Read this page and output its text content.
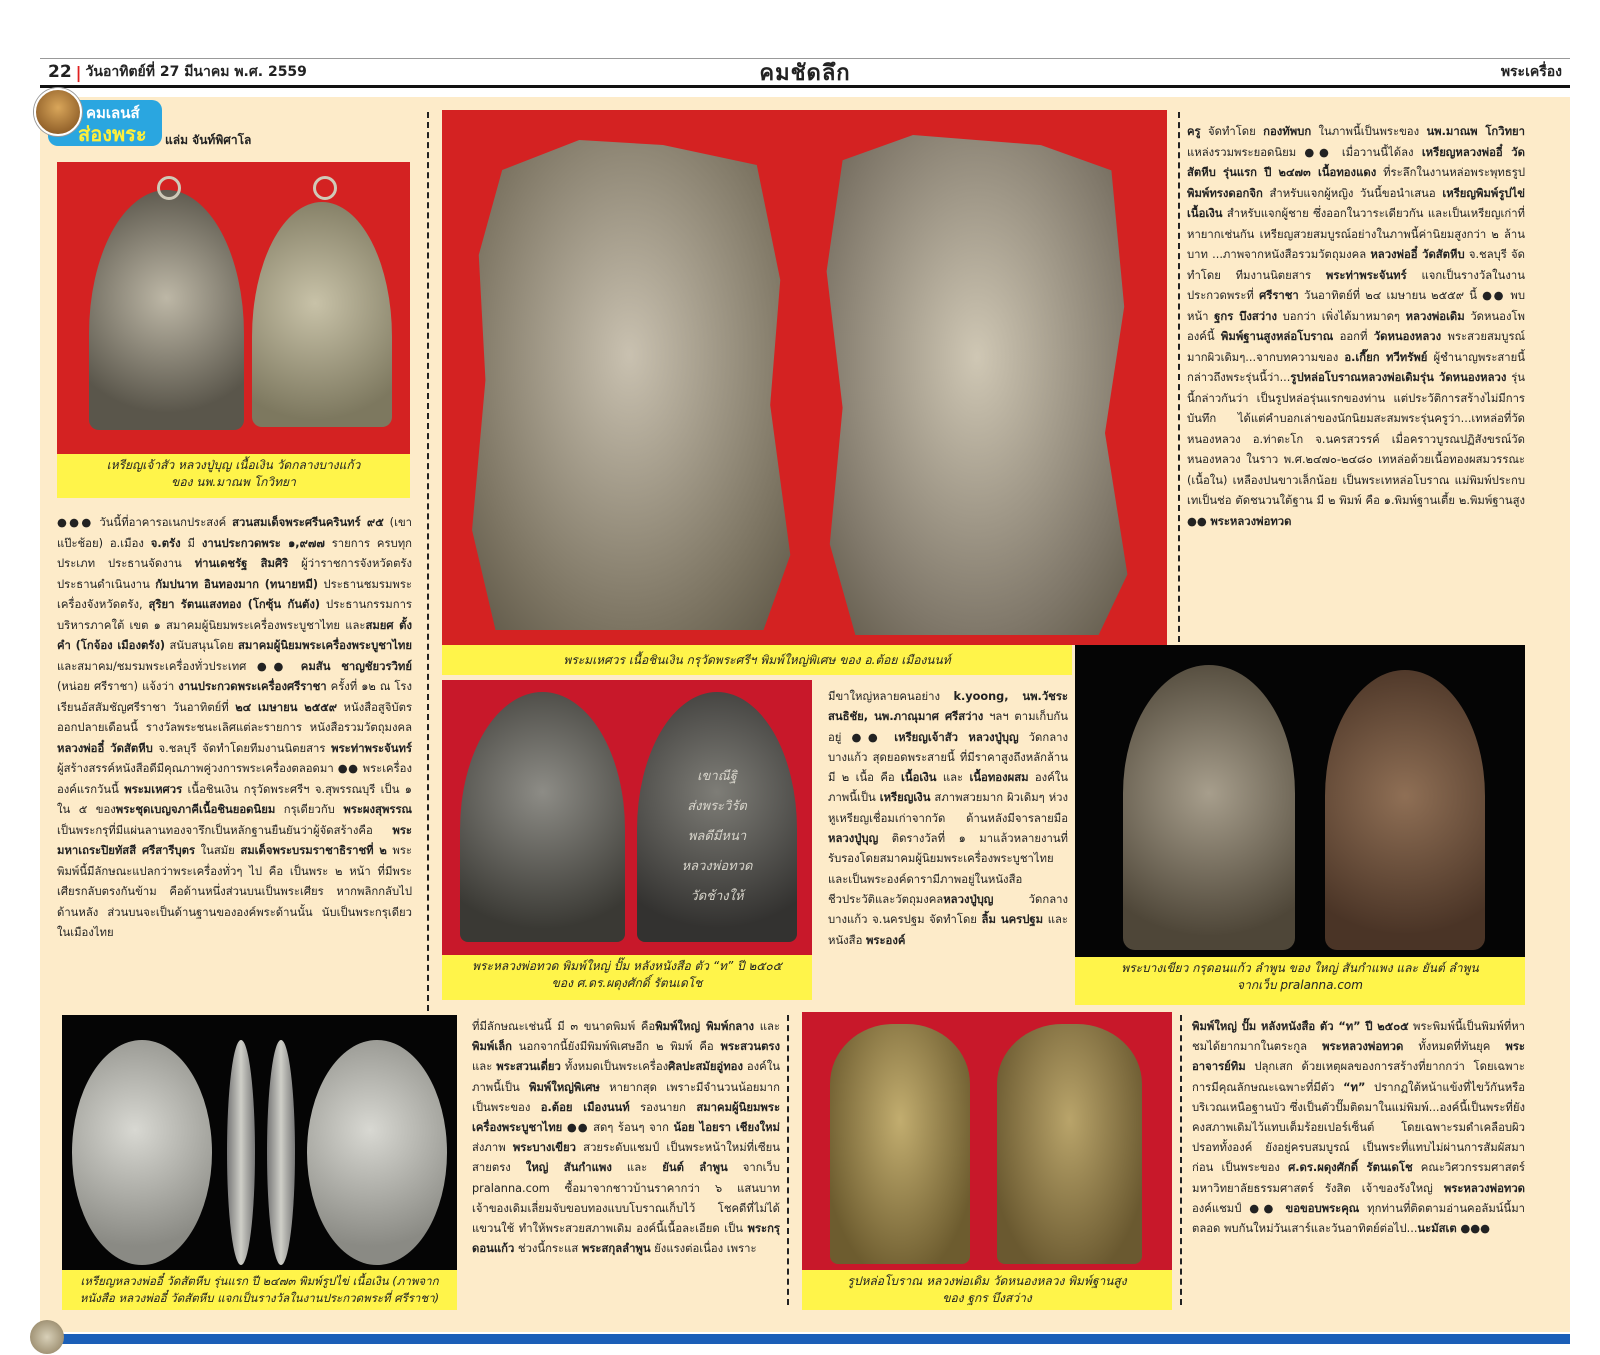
22 | วันอาทิตย์ที่ 27 มีนาคม พ.ศ. 2559	คมชัดลึก	พระเครื่อง
คมเลนส์
ส่องพระ แล่ม จันท์พิศาโล
เหรียญเจ้าสัว หลวงปู่บุญ เนื้อเงิน วัดกลางบางแก้ว
ของ นพ.มาณพ โกวิทยา
●●● วันนี้ที่อาคารอเนกประสงค์ สวนสมเด็จพระศรีนครินทร์ ๙๕ (เขาแป๊ะช้อย) อ.เมือง จ.ตรัง มี งานประกวดพระ ๑,๙๗๗ รายการ ครบทุกประเภท ประธานจัดงาน ท่านเดชรัฐ สิมศิริ ผู้ว่าราชการจังหวัดตรัง ประธานดำเนินงาน กัมปนาท อินทองมาก (ทนายหมี) ประธานชมรมพระเครื่องจังหวัดตรัง, สุริยา รัตนแสงทอง (โกซุ้น กันตัง) ประธานกรรมการบริหารภาคใต้ เขต ๑ สมาคมผู้นิยมพระเครื่องพระบูชาไทย และสมยศ ตั้งคำ (โกจ้อง เมืองตรัง) สนับสนุนโดย สมาคมผู้นิยมพระเครื่องพระบูชาไทย และสมาคม/ชมรมพระเครื่องทั่วประเทศ ●● คมสัน ชาญชัยวรวิทย์ (หน่อย ศรีราชา) แจ้งว่า งานประกวดพระเครื่องศรีราชา ครั้งที่ ๑๒ ณ โรงเรียนอัสสัมชัญศรีราชา วันอาทิตย์ที่ ๒๔ เมษายน ๒๕๕๙ หนังสือสูจิบัตรออกปลายเดือนนี้ รางวัลพระชนะเลิศแต่ละรายการ หนังสือรวมวัตถุมงคล หลวงพ่ออี๋ วัดสัตหีบ จ.ชลบุรี จัดทำโดยทีมงานนิตยสาร พระท่าพระจันทร์ ผู้สร้างสรรค์หนังสือดีมีคุณภาพคู่วงการพระเครื่องตลอดมา ●● พระเครื่ององค์แรกวันนี้ พระมเหศวร เนื้อชินเงิน กรุวัดพระศรีฯ จ.สุพรรณบุรี เป็น ๑ ใน ๕ ของพระชุดเบญจภาคีเนื้อชินยอดนิยม กรุเดียวกับ พระผงสุพรรณ เป็นพระกรุที่มีแผ่นลานทองจารึกเป็นหลักฐานยืนยันว่าผู้จัดสร้างคือ พระมหาเถระปิยทัสสี ศรีสารีบุตร ในสมัย สมเด็จพระบรมราชาธิราชที่ ๒ พระพิมพ์นี้มีลักษณะแปลกว่าพระเครื่องทั่วๆ ไป คือ เป็นพระ ๒ หน้า ที่มีพระเศียรกลับตรงกันข้าม คือด้านหนึ่งส่วนบนเป็นพระเศียร หากพลิกกลับไปด้านหลัง ส่วนบนจะเป็นด้านฐานขององค์พระด้านนั้น นับเป็นพระกรุเดียวในเมืองไทย
พระมเหศวร เนื้อชินเงิน กรุวัดพระศรีฯ พิมพ์ใหญ่พิเศษ ของ อ.ต้อย เมืองนนท์
ครู จัดทำโดย กองทัพบก ในภาพนี้เป็นพระของ นพ.มาณพ โกวิทยา แหล่งรวมพระยอดนิยม ●● เมื่อวานนี้ได้ลง เหรียญหลวงพ่ออี๋ วัดสัตหีบ รุ่นแรก ปี ๒๔๗๓ เนื้อทองแดง ที่ระลึกในงานหล่อพระพุทธรูป พิมพ์ทรงดอกจิก สำหรับแจกผู้หญิง วันนี้ขอนำเสนอ เหรียญพิมพ์รูปไข่ เนื้อเงิน สำหรับแจกผู้ชาย ซึ่งออกในวาระเดียวกัน และเป็นเหรียญเก่าที่หายากเช่นกัน เหรียญสวยสมบูรณ์อย่างในภาพนี้ค่านิยมสูงกว่า ๒ ล้านบาท ...ภาพจากหนังสือรวมวัตถุมงคล หลวงพ่ออี๋ วัดสัตหีบ จ.ชลบุรี จัดทำโดย ทีมงานนิตยสาร พระท่าพระจันทร์ แจกเป็นรางวัลในงานประกวดพระที่ ศรีราชา วันอาทิตย์ที่ ๒๔ เมษายน ๒๕๕๙ นี้ ●● พบหน้า ฐกร บึงสว่าง บอกว่า เพิ่งได้มาหมาดๆ หลวงพ่อเดิม วัดหนองโพ องค์นี้ พิมพ์ฐานสูงหล่อโบราณ ออกที่ วัดหนองหลวง พระสวยสมบูรณ์มากผิวเดิมๆ...จากบทความของ อ.เกี๊ยก ทวีทรัพย์ ผู้ชำนาญพระสายนี้ กล่าวถึงพระรุ่นนี้ว่า...รูปหล่อโบราณหลวงพ่อเดิมรุ่น วัดหนองหลวง รุ่นนี้กล่าวกันว่า เป็นรูปหล่อรุ่นแรกของท่าน แต่ประวัติการสร้างไม่มีการบันทึก ได้แต่คำบอกเล่าของนักนิยมสะสมพระรุ่นครูว่า...เทหล่อที่วัดหนองหลวง อ.ท่าตะโก จ.นครสวรรค์ เมื่อคราวบูรณปฏิสังขรณ์วัดหนองหลวง ในราว พ.ศ.๒๔๗๐-๒๔๘๐ เทหล่อด้วยเนื้อทองผสมวรรณะ (เนื้อใน) เหลืองปนขาวเล็กน้อย เป็นพระเทหล่อโบราณ แม่พิมพ์ประกบเทเป็นช่อ ตัดชนวนใต้ฐาน มี ๒ พิมพ์ คือ ๑.พิมพ์ฐานเตี้ย ๒.พิมพ์ฐานสูง ●● พระหลวงพ่อทวด
เขาณีฐิ
ส่งพระวิรัต
พลดีมีหนา
หลวงพ่อทวด
วัดช้างให้
พระหลวงพ่อทวด พิมพ์ใหญ่ ปั๊ม หลังหนังสือ ตัว “ท” ปี ๒๕๐๕
ของ ศ.ดร.ผดุงศักดิ์ รัตนเดโช
มีขาใหญ่หลายคนอย่าง k.yoong, นพ.วัชระ สนธิชัย, นพ.ภาณุมาศ ศรีสว่าง ฯลฯ ตามเก็บกันอยู่ ●● เหรียญเจ้าสัว หลวงปู่บุญ วัดกลางบางแก้ว สุดยอดพระสายนี้ ที่มีราคาสูงถึงหลักล้าน มี ๒ เนื้อ คือ เนื้อเงิน และ เนื้อทองผสม องค์ในภาพนี้เป็น เหรียญเงิน สภาพสวยมาก ผิวเดิมๆ ห่วงหูเหรียญเชื่อมเก่าจากวัด ด้านหลังมีจารลายมือ หลวงปู่บุญ ติดรางวัลที่ ๑ มาแล้วหลายงานที่รับรองโดยสมาคมผู้นิยมพระเครื่องพระบูชาไทย และเป็นพระองค์ดารามีภาพอยู่ในหนังสือชีวประวัติและวัตถุมงคลหลวงปู่บุญ วัดกลางบางแก้ว จ.นครปฐม จัดทำโดย ลิ้ม นครปฐม และหนังสือ พระองค์
พระบางเขียว กรุดอนแก้ว ลำพูน ของ ใหญ่ สันกำแพง และ ยันต์ ลำพูน
จากเว็บ pralanna.com
เหรียญหลวงพ่ออี๋ วัดสัตหีบ รุ่นแรก ปี ๒๔๗๓ พิมพ์รูปไข่ เนื้อเงิน (ภาพจาก
หนังสือ หลวงพ่ออี๋ วัดสัตหีบ แจกเป็นรางวัลในงานประกวดพระที่ ศรีราชา)
ที่มีลักษณะเช่นนี้ มี ๓ ขนาดพิมพ์ คือพิมพ์ใหญ่ พิมพ์กลาง และ พิมพ์เล็ก นอกจากนี้ยังมีพิมพ์พิเศษอีก ๒ พิมพ์ คือ พระสวนตรง และ พระสวนเดี่ยว ทั้งหมดเป็นพระเครื่องศิลปะสมัยอู่ทอง องค์ในภาพนี้เป็น พิมพ์ใหญ่พิเศษ หายากสุด เพราะมีจำนวนน้อยมาก เป็นพระของ อ.ต้อย เมืองนนท์ รองนายก สมาคมผู้นิยมพระเครื่องพระบูชาไทย ●● สดๆ ร้อนๆ จาก น้อย ไอยรา เชียงใหม่ ส่งภาพ พระบางเขียว สวยระดับแชมป์ เป็นพระหน้าใหม่ที่เซียนสายตรง ใหญ่ สันกำแพง และ ยันต์ ลำพูน จากเว็บ pralanna.com ซื้อมาจากชาวบ้านราคากว่า ๖ แสนบาท เจ้าของเดิมเลี่ยมจับขอบทองแบบโบราณเก็บไว้ โชคดีที่ไม่ได้แขวนใช้ ทำให้พระสวยสภาพเดิม องค์นี้เนื้อละเอียด เป็น พระกรุดอนแก้ว ช่วงนี้กระแส พระสกุลลำพูน ยังแรงต่อเนื่อง เพราะ
รูปหล่อโบราณ หลวงพ่อเดิม วัดหนองหลวง พิมพ์ฐานสูง
ของ ฐกร บึงสว่าง
พิมพ์ใหญ่ ปั๊ม หลังหนังสือ ตัว “ท” ปี ๒๕๐๕ พระพิมพ์นี้เป็นพิมพ์ที่หาชมได้ยากมากในตระกูล พระหลวงพ่อทวด ทั้งหมดที่ทันยุค พระอาจารย์ทิม ปลุกเสก ด้วยเหตุผลของการสร้างที่ยากกว่า โดยเฉพาะการมีคุณลักษณะเฉพาะที่มีตัว “ท” ปรากฏใต้หน้าแข้งที่ไขว้กันหรือบริเวณเหนือฐานบัว ซึ่งเป็นตัวปั๊มติดมาในแม่พิมพ์...องค์นี้เป็นพระที่ยังคงสภาพเดิมไว้แทบเต็มร้อยเปอร์เซ็นต์ โดยเฉพาะรมดำเคลือบผิวปรอททั้งองค์ ยังอยู่ครบสมบูรณ์ เป็นพระที่แทบไม่ผ่านการสัมผัสมาก่อน เป็นพระของ ศ.ดร.ผดุงศักดิ์ รัตนเดโช คณะวิศวกรรมศาสตร์ มหาวิทยาลัยธรรมศาสตร์ รังสิต เจ้าของรังใหญ่ พระหลวงพ่อทวด องค์แชมป์ ●● ขอขอบพระคุณ ทุกท่านที่ติดตามอ่านคอลัมน์นี้มาตลอด พบกันใหม่วันเสาร์และวันอาทิตย์ต่อไป...นะมัสเต ●●●
